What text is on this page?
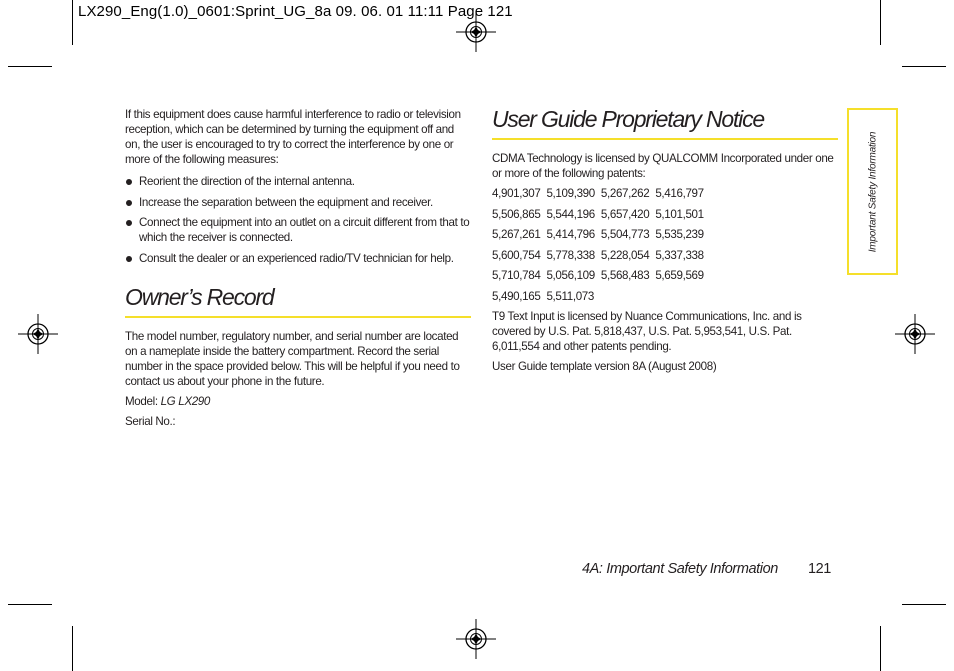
LX290_Eng(1.0)_0601:Sprint_UG_8a 09. 06. 01 11:11 Page 121

If this equipment does cause harmful interference to radio or television reception, which can be determined by turning the equipment off and on, the user is encouraged to try to correct the interference by one or more of the following measures:

Reorient the direction of the internal antenna.
Increase the separation between the equipment and receiver.
Connect the equipment into an outlet on a circuit different from that to which the receiver is connected.
Consult the dealer or an experienced radio/TV technician for help.
Owner’s Record

The model number, regulatory number, and serial number are located on a nameplate inside the battery compartment. Record the serial number in the space provided below. This will be helpful if you need to contact us about your phone in the future.

Model: LG LX290

Serial No.:

User Guide Proprietary Notice

CDMA Technology is licensed by QUALCOMM Incorporated under one or more of the following patents:

4,901,307 5,109,390 5,267,262 5,416,797

5,506,865 5,544,196 5,657,420 5,101,501

5,267,261 5,414,796 5,504,773 5,535,239

5,600,754 5,778,338 5,228,054 5,337,338

5,710,784 5,056,109 5,568,483 5,659,569

5,490,165 5,511,073

T9 Text Input is licensed by Nuance Communications, Inc. and is covered by U.S. Pat. 5,818,437, U.S. Pat. 5,953,541, U.S. Pat. 6,011,554 and other patents pending.

User Guide template version 8A (August 2008)

Important Safety Information
4A: Important Safety Information 121
